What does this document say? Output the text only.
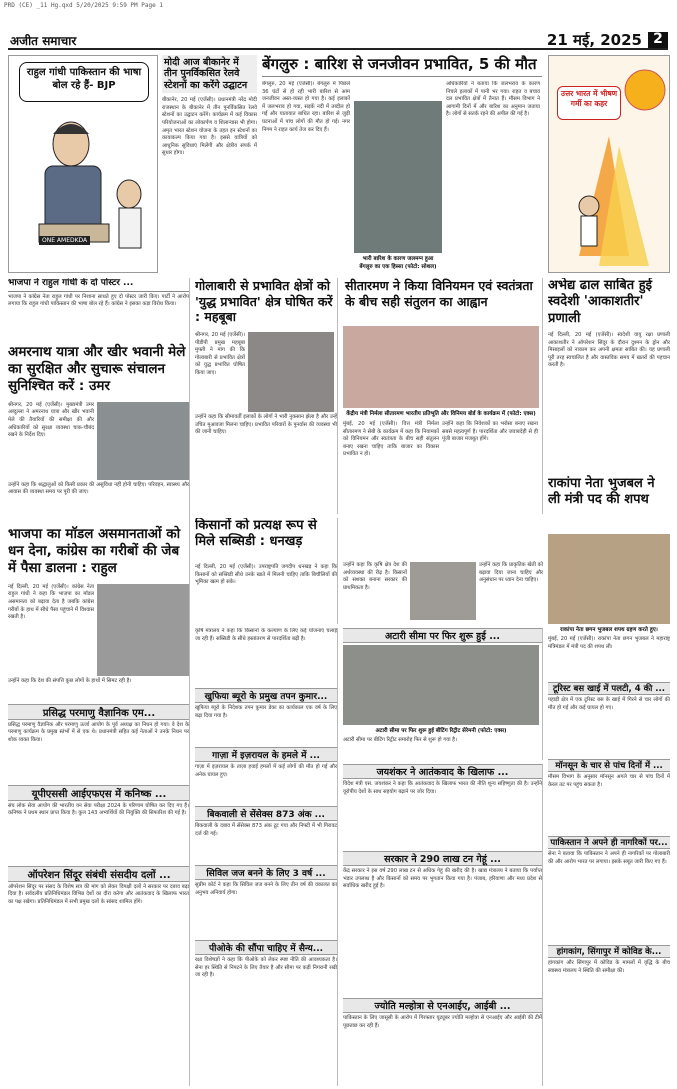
PRD (CE) _11 Hg.qxd 5/20/2025 9:59 PM Page 1
अजीत समाचार	21 मई, 2025 2
राहुल गांधी पाकिस्तान की भाषा बोल रहे हैं- BJP
ONE AMEDKDA
मोदी आज बीकानेर में तीन पुनर्विकसित रेलवे स्टेशनों का करेंगे उद्घाटन
बीकानेर, 20 मई (एजेंसी)। प्रधानमंत्री नरेंद्र मोदी राजस्थान के बीकानेर में तीन पुनर्विकसित रेलवे स्टेशनों का उद्घाटन करेंगे। कार्यक्रम में कई विकास परियोजनाओं का लोकार्पण व शिलान्यास भी होगा। अमृत भारत स्टेशन योजना के तहत इन स्टेशनों का कायाकल्प किया गया है। इससे यात्रियों को आधुनिक सुविधाएं मिलेंगी और क्षेत्रीय संपर्क में सुधार होगा।
बेंगलुरु : बारिश से जनजीवन प्रभावित, 5 की मौत
बेंगलुरु, 20 मई (एजेंसी)। बेंगलुरु में पिछले 36 घंटों से हो रही भारी बारिश से आम जनजीवन अस्त-व्यस्त हो गया है। कई इलाकों में जलभराव हो गया, सड़कें नदी में तब्दील हो गईं और यातायात बाधित रहा। बारिश से जुड़ी घटनाओं में पांच लोगों की मौत हो गई। नगर निगम ने राहत कार्य तेज कर दिए हैं।
भारी बारिश के कारण जलमग्न हुआ बेंगलुरु का एक हिस्सा (फोटो: सोशल)
अधिकारियों ने बताया कि जलभराव के कारण निचले इलाकों में पानी भर गया। राहत व बचाव दल प्रभावित क्षेत्रों में तैनात हैं। मौसम विभाग ने आगामी दिनों में और बारिश का अनुमान जताया है। लोगों से सतर्क रहने की अपील की गई है।
उत्तर भारत में भीषण गर्मी का कहर
भाजपा ने राहुल गांधी के दो पोस्टर ...
भाजपा ने कांग्रेस नेता राहुल गांधी पर निशाना साधते हुए दो पोस्टर जारी किए। पार्टी ने आरोप लगाया कि राहुल गांधी पाकिस्तान की भाषा बोल रहे हैं। कांग्रेस ने इसका कड़ा विरोध किया।
अमरनाथ यात्रा और खीर भवानी मेले का सुरक्षित और सुचारू संचालन सुनिश्चित करें : उमर
श्रीनगर, 20 मई (एजेंसी)। मुख्यमंत्री उमर अब्दुल्ला ने अमरनाथ यात्रा और खीर भवानी मेले की तैयारियों की समीक्षा की और अधिकारियों को सुरक्षा व्यवस्था चाक-चौबंद रखने के निर्देश दिए।
उन्होंने कहा कि श्रद्धालुओं को किसी प्रकार की असुविधा नहीं होनी चाहिए। परिवहन, स्वास्थ्य और आवास की व्यवस्था समय पर पूरी की जाए।
भाजपा का मॉडल असमानताओं को धन देना, कांग्रेस का गरीबों की जेब में पैसा डालना : राहुल
नई दिल्ली, 20 मई (एजेंसी)। कांग्रेस नेता राहुल गांधी ने कहा कि भाजपा का मॉडल असमानता को बढ़ावा देता है जबकि कांग्रेस गरीबों के हाथ में सीधे पैसा पहुंचाने में विश्वास रखती है।
उन्होंने कहा कि देश की संपत्ति कुछ लोगों के हाथों में सिमट रही है।
प्रसिद्ध परमाणु वैज्ञानिक एम...
प्रसिद्ध परमाणु वैज्ञानिक और परमाणु ऊर्जा आयोग के पूर्व अध्यक्ष का निधन हो गया। वे देश के परमाणु कार्यक्रम के प्रमुख स्तंभों में से एक थे। प्रधानमंत्री सहित कई नेताओं ने उनके निधन पर शोक व्यक्त किया।
यूपीएससी आईएफएस में कनिष्क ...
संघ लोक सेवा आयोग की भारतीय वन सेवा परीक्षा 2024 के परिणाम घोषित कर दिए गए हैं। कनिष्क ने प्रथम स्थान प्राप्त किया है। कुल 143 अभ्यर्थियों की नियुक्ति की सिफारिश की गई है।
ऑपरेशन सिंदूर संबंधी संसदीय दलों ...
ऑपरेशन सिंदूर पर संसद के विशेष सत्र की मांग को लेकर विपक्षी दलों ने सरकार पर दबाव बढ़ा दिया है। सर्वदलीय प्रतिनिधिमंडल विभिन्न देशों का दौरा करेगा और आतंकवाद के खिलाफ भारत का पक्ष रखेगा। प्रतिनिधिमंडल में सभी प्रमुख दलों के सांसद शामिल होंगे।
गोलाबारी से प्रभावित क्षेत्रों को 'युद्ध प्रभावित' क्षेत्र घोषित करें : महबूबा
श्रीनगर, 20 मई (एजेंसी)। पीडीपी प्रमुख महबूबा मुफ्ती ने मांग की कि गोलाबारी से प्रभावित क्षेत्रों को युद्ध प्रभावित घोषित किया जाए।
उन्होंने कहा कि सीमावर्ती इलाकों के लोगों ने भारी नुकसान झेला है और उन्हें उचित मुआवजा मिलना चाहिए। प्रभावित परिवारों के पुनर्वास की व्यवस्था भी की जानी चाहिए।
किसानों को प्रत्यक्ष रूप से मिले सब्सिडी : धनखड़
नई दिल्ली, 20 मई (एजेंसी)। उपराष्ट्रपति जगदीप धनखड़ ने कहा कि किसानों को सब्सिडी सीधे उनके खाते में मिलनी चाहिए ताकि बिचौलियों की भूमिका खत्म हो सके।
उन्होंने कहा कि कृषि क्षेत्र देश की अर्थव्यवस्था की रीढ़ है। किसानों को सशक्त बनाना सरकार की प्राथमिकता है।
उन्होंने कहा कि प्राकृतिक खेती को बढ़ावा दिया जाना चाहिए और अनुसंधान पर ध्यान देना चाहिए।
सीतारमण ने किया विनियमन एवं स्वतंत्रता के बीच सही संतुलन का आह्वान
केंद्रीय मंत्री निर्मला सीतारमण भारतीय प्रतिभूति और विनिमय बोर्ड के कार्यक्रम में (फोटो: एक्स)
मुंबई, 20 मई (एजेंसी)। वित्त मंत्री निर्मला सीतारमण ने सेबी के कार्यक्रम में कहा कि नियामकों को विनियमन और स्वतंत्रता के बीच सही संतुलन बनाए रखना चाहिए ताकि बाजार का विकास प्रभावित न हो।
उन्होंने कहा कि निवेशकों का भरोसा बनाए रखना सबसे महत्वपूर्ण है। पारदर्शिता और जवाबदेही से ही पूंजी बाजार मजबूत होंगे।
अटारी सीमा पर फिर शुरू हुई ...
अटारी सीमा पर फिर शुरू हुई बीटिंग रिट्रीट सेरेमनी (फोटो: एक्स)
अटारी सीमा पर बीटिंग रिट्रीट समारोह फिर से शुरू हो गया है।
कृषि मंत्रालय ने कहा कि किसानों के कल्याण के लिए कई योजनाएं चलाई जा रही हैं। सब्सिडी के सीधे हस्तांतरण से पारदर्शिता बढ़ी है।
खुफिया ब्यूरो के प्रमुख तपन कुमार...
खुफिया ब्यूरो के निदेशक तपन कुमार डेका का कार्यकाल एक वर्ष के लिए बढ़ा दिया गया है।
गाज़ा में इज़रायल के हमले में ...
गाज़ा में इज़रायल के ताज़ा हवाई हमलों में कई लोगों की मौत हो गई और अनेक घायल हुए।
बिकवाली से सेंसेक्स 873 अंक ...
बिकवाली के दबाव में सेंसेक्स 873 अंक टूट गया और निफ्टी में भी गिरावट दर्ज की गई।
सिविल जज बनने के लिए 3 वर्ष ...
सुप्रीम कोर्ट ने कहा कि सिविल जज बनने के लिए तीन वर्ष की वकालत का अनुभव अनिवार्य होगा।
पीओके की सौंपा चाहिए में सैन्य...
रक्षा विशेषज्ञों ने कहा कि पीओके को लेकर स्पष्ट नीति की आवश्यकता है। सेना हर स्थिति से निपटने के लिए तैयार है और सीमा पर कड़ी निगरानी रखी जा रही है।
जयशंकर ने आतंकवाद के खिलाफ ...
विदेश मंत्री एस. जयशंकर ने कहा कि आतंकवाद के खिलाफ भारत की नीति शून्य सहिष्णुता की है। उन्होंने यूरोपीय देशों के साथ सहयोग बढ़ाने पर जोर दिया।
सरकार ने 290 लाख टन गेहूं ...
केंद्र सरकार ने इस वर्ष 290 लाख टन से अधिक गेहूं की खरीद की है। खाद्य मंत्रालय ने बताया कि पर्याप्त भंडार उपलब्ध है और किसानों को समय पर भुगतान किया गया है। पंजाब, हरियाणा और मध्य प्रदेश से सर्वाधिक खरीद हुई है।
ज्योति मल्होत्रा से एनआईए, आईबी ...
पाकिस्तान के लिए जासूसी के आरोप में गिरफ्तार यूट्यूबर ज्योति मल्होत्रा से एनआईए और आईबी की टीमें पूछताछ कर रही हैं।
अभेद्य ढाल साबित हुई स्वदेशी 'आकाशतीर' प्रणाली
नई दिल्ली, 20 मई (एजेंसी)। स्वदेशी वायु रक्षा प्रणाली आकाशतीर ने ऑपरेशन सिंदूर के दौरान दुश्मन के ड्रोन और मिसाइलों को नाकाम कर अपनी क्षमता साबित की। यह प्रणाली पूरी तरह स्वचालित है और वास्तविक समय में खतरों की पहचान करती है।
राकांपा नेता भुजबल ने ली मंत्री पद की शपथ
राकांपा नेता छगन भुजबल शपथ ग्रहण करते हुए।
मुंबई, 20 मई (एजेंसी)। राकांपा नेता छगन भुजबल ने महाराष्ट्र मंत्रिमंडल में मंत्री पद की शपथ ली।
टूरिस्ट बस खाई में पलटी, 4 की ...
पहाड़ी क्षेत्र में एक टूरिस्ट बस के खाई में गिरने से चार लोगों की मौत हो गई और कई घायल हो गए।
मॉनसून के चार से पांच दिनों में ...
मौसम विभाग के अनुसार मॉनसून अगले चार से पांच दिनों में केरल तट पर पहुंच सकता है।
पाकिस्तान ने अपने ही नागरिकों पर...
सेना ने बताया कि पाकिस्तान ने अपने ही नागरिकों पर गोलाबारी की और आरोप भारत पर लगाया। इसके सबूत जारी किए गए हैं।
हांगकांग, सिंगापुर में कोविड के...
हांगकांग और सिंगापुर में कोविड के मामलों में वृद्धि के बीच स्वास्थ्य मंत्रालय ने स्थिति की समीक्षा की।
